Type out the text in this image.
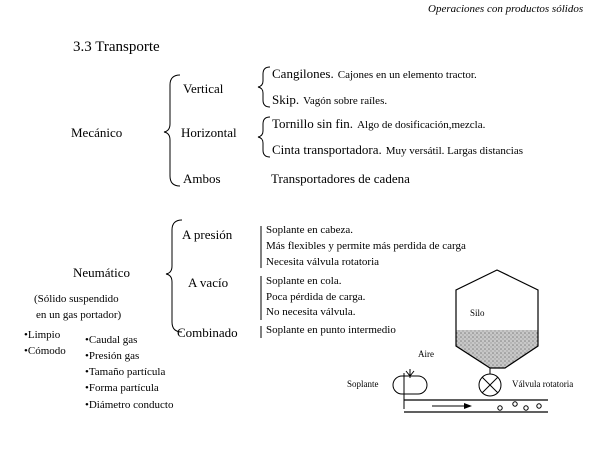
Operaciones con productos sólidos
3.3 Transporte
Mecánico
Vertical
Cangilones. Cajones en un elemento tractor.
Skip. Vagón sobre raíles.
Horizontal
Tornillo sin fin. Algo de dosificación,mezcla.
Cinta transportadora. Muy versátil. Largas distancias
Ambos	Transportadores de cadena
Neumático
(Sólido suspendido
en un gas portador)
A presión	Soplante en cabeza.
Más flexibles y permite más perdida de carga
Necesita válvula rotatoria
A vacío	Soplante en cola.
Poca pérdida de carga.
No necesita válvula.
Combinado	Soplante en punto intermedio
•Limpio
•Cómodo
•Caudal gas
•Presión gas
•Tamaño partícula
•Forma partícula
•Diámetro conducto
Silo
Aire
Soplante	Válvula rotatoria
